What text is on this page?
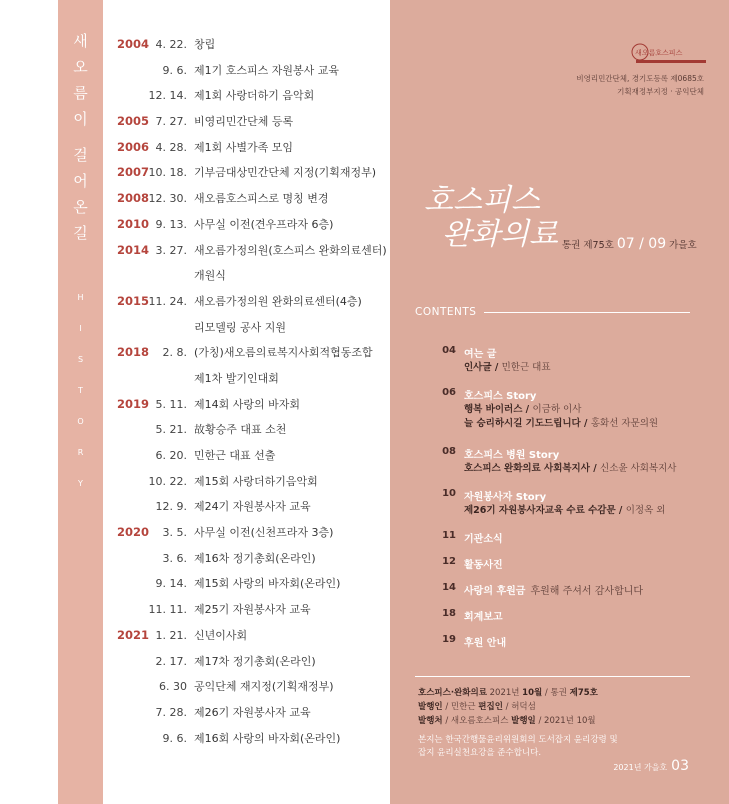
새
오
름
이
걸
어
온
길
H
I
S
T
O
R
Y
2004 4. 22. 창립
9. 6. 제1기 호스피스 자원봉사 교육
12. 14. 제1회 사랑더하기 음악회
2005 7. 27. 비영리민간단체 등록
2006 4. 28. 제1회 사별가족 모임
2007 10. 18. 기부금대상민간단체 지정(기획재정부)
2008 12. 30. 새오름호스피스로 명칭 변경
2010 9. 13. 사무실 이전(견우프라자 6층)
2014 3. 27. 새오름가정의원(호스피스 완화의료센터)
개원식
2015 11. 24. 새오름가정의원 완화의료센터(4층)
리모델링 공사 지원
2018 2. 8. (가칭)새오름의료복지사회적협동조합
제1차 발기인대회
2019 5. 11. 제14회 사랑의 바자회
5. 21. 故황승주 대표 소천
6. 20. 민한근 대표 선출
10. 22. 제15회 사랑더하기음악회
12. 9. 제24기 자원봉사자 교육
2020 3. 5. 사무실 이전(신천프라자 3층)
3. 6. 제16차 정기총회(온라인)
9. 14. 제15회 사랑의 바자회(온라인)
11. 11. 제25기 자원봉사자 교육
2021 1. 21. 신년이사회
2. 17. 제17차 정기총회(온라인)
6. 30 공익단체 재지정(기획재정부)
7. 28. 제26기 자원봉사자 교육
9. 6. 제16회 사랑의 바자회(온라인)
새오름호스피스
비영리민간단체, 경기도등록 제0685호
기획재정부지정 · 공익단체
호스피스
완화의료 통권 제75호 07 / 09 가을호
CONTENTS
04 여는 글
인사글 / 민한근 대표
06 호스피스 Story
행복 바이러스 / 이금하 이사
늘 승리하시길 기도드립니다 / 홍화선 자문의원
08 호스피스 병원 Story
호스피스 완화의료 사회복지사 / 신소윤 사회복지사
10 자원봉사자 Story
제26기 자원봉사자교육 수료 수감문 / 이정옥 외
11 기관소식
12 활동사진
14 사랑의 후원금 후원해 주셔서 감사합니다
18 회계보고
19 후원 안내
호스피스·완화의료 2021년 10월 / 통권 제75호
발행인 / 민한근 편집인 / 허덕섬
발행처 / 새오름호스피스 발행일 / 2021년 10월
본지는 한국간행물윤리위원회의 도서잡지 윤리강령 및
잡지 윤리실천요강을 준수합니다.
2021년 가을호 03
